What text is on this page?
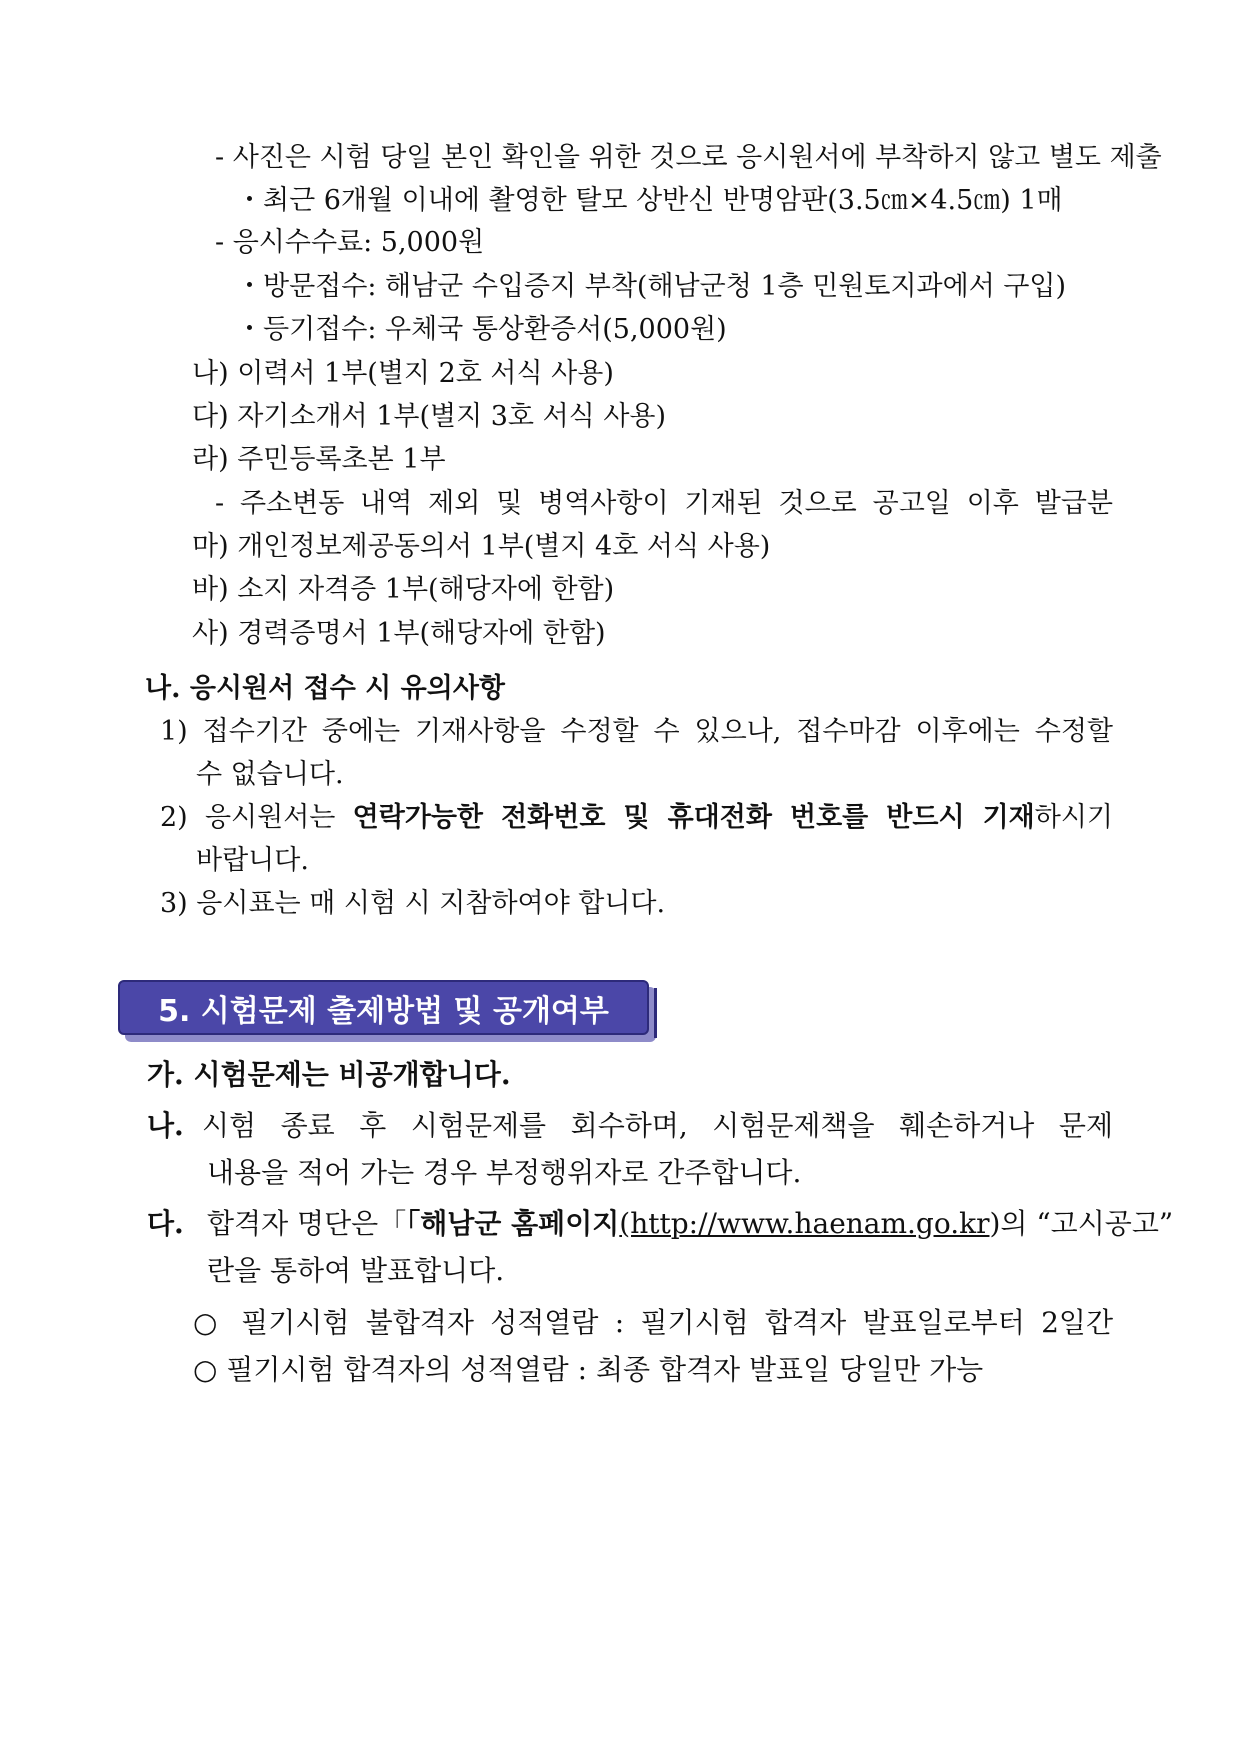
- 사진은 시험 당일 본인 확인을 위한 것으로 응시원서에 부착하지 않고 별도 제출
・최근 6개월 이내에 촬영한 탈모 상반신 반명암판(3.5㎝×4.5㎝) 1매
- 응시수수료: 5,000원
・방문접수: 해남군 수입증지 부착(해남군청 1층 민원토지과에서 구입)
・등기접수: 우체국 통상환증서(5,000원)
나) 이력서 1부(별지 2호 서식 사용)
다) 자기소개서 1부(별지 3호 서식 사용)
라) 주민등록초본 1부
- 주소변동 내역 제외 및 병역사항이 기재된 것으로 공고일 이후 발급분
마) 개인정보제공동의서 1부(별지 4호 서식 사용)
바) 소지 자격증 1부(해당자에 한함)
사) 경력증명서 1부(해당자에 한함)
나. 응시원서 접수 시 유의사항
1) 접수기간 중에는 기재사항을 수정할 수 있으나, 접수마감 이후에는 수정할
수 없습니다.
2) 응시원서는 연락가능한 전화번호 및 휴대전화 번호를 반드시 기재하시기
바랍니다.
3) 응시표는 매 시험 시 지참하여야 합니다.
5. 시험문제 출제방법 및 공개여부
가. 시험문제는 비공개합니다.
나. 시험 종료 후 시험문제를 회수하며, 시험문제책을 훼손하거나 문제
내용을 적어 가는 경우 부정행위자로 간주합니다.
다. 합격자 명단은「「해남군 홈페이지(http://www.haenam.go.kr)의 “고시공고”
란을 통하여 발표합니다.
○ 필기시험 불합격자 성적열람 : 필기시험 합격자 발표일로부터 2일간
○ 필기시험 합격자의 성적열람 : 최종 합격자 발표일 당일만 가능
